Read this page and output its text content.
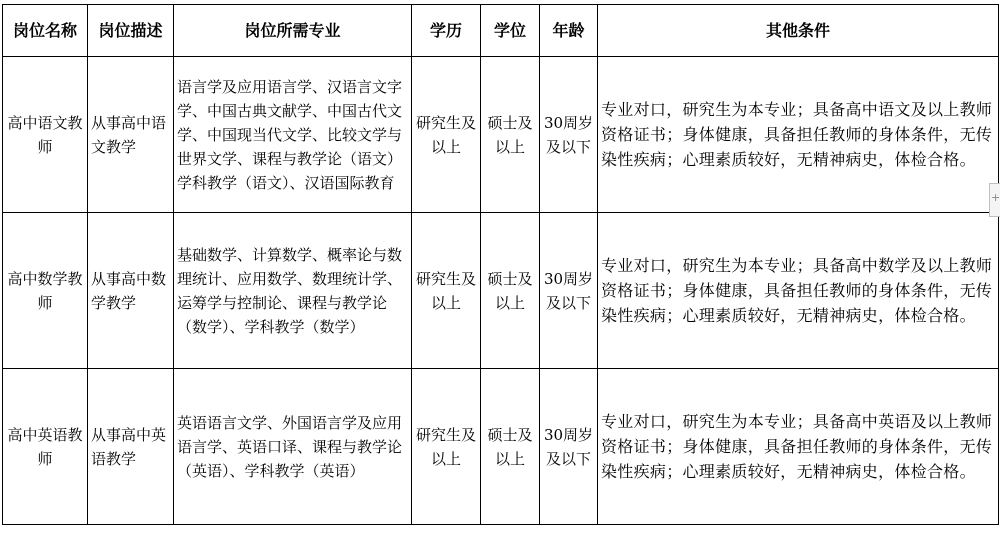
岗位名称	岗位描述	岗位所需专业	学历	学位	年龄	其他条件
高中语文教师	从事高中语文教学	语言学及应用语言学、汉语言文字学、中国古典文献学、中国古代文学、中国现当代文学、比较文学与世界文学、课程与教学论（语文）学科教学（语文）、汉语国际教育	研究生及以上	硕士及以上	30周岁及以下	专业对口，研究生为本专业；具备高中语文及以上教师资格证书；身体健康，具备担任教师的身体条件，无传染性疾病；心理素质较好，无精神病史，体检合格。
高中数学教师	从事高中数学教学	基础数学、计算数学、概率论与数理统计、应用数学、数理统计学、运筹学与控制论、课程与教学论（数学）、学科教学（数学）	研究生及以上	硕士及以上	30周岁及以下	专业对口，研究生为本专业；具备高中数学及以上教师资格证书；身体健康，具备担任教师的身体条件，无传染性疾病；心理素质较好，无精神病史，体检合格。
高中英语教师	从事高中英语教学	英语语言文学、外国语言学及应用语言学、英语口译、课程与教学论（英语）、学科教学（英语）	研究生及以上	硕士及以上	30周岁及以下	专业对口，研究生为本专业；具备高中英语及以上教师资格证书；身体健康，具备担任教师的身体条件，无传染性疾病；心理素质较好，无精神病史，体检合格。
+
